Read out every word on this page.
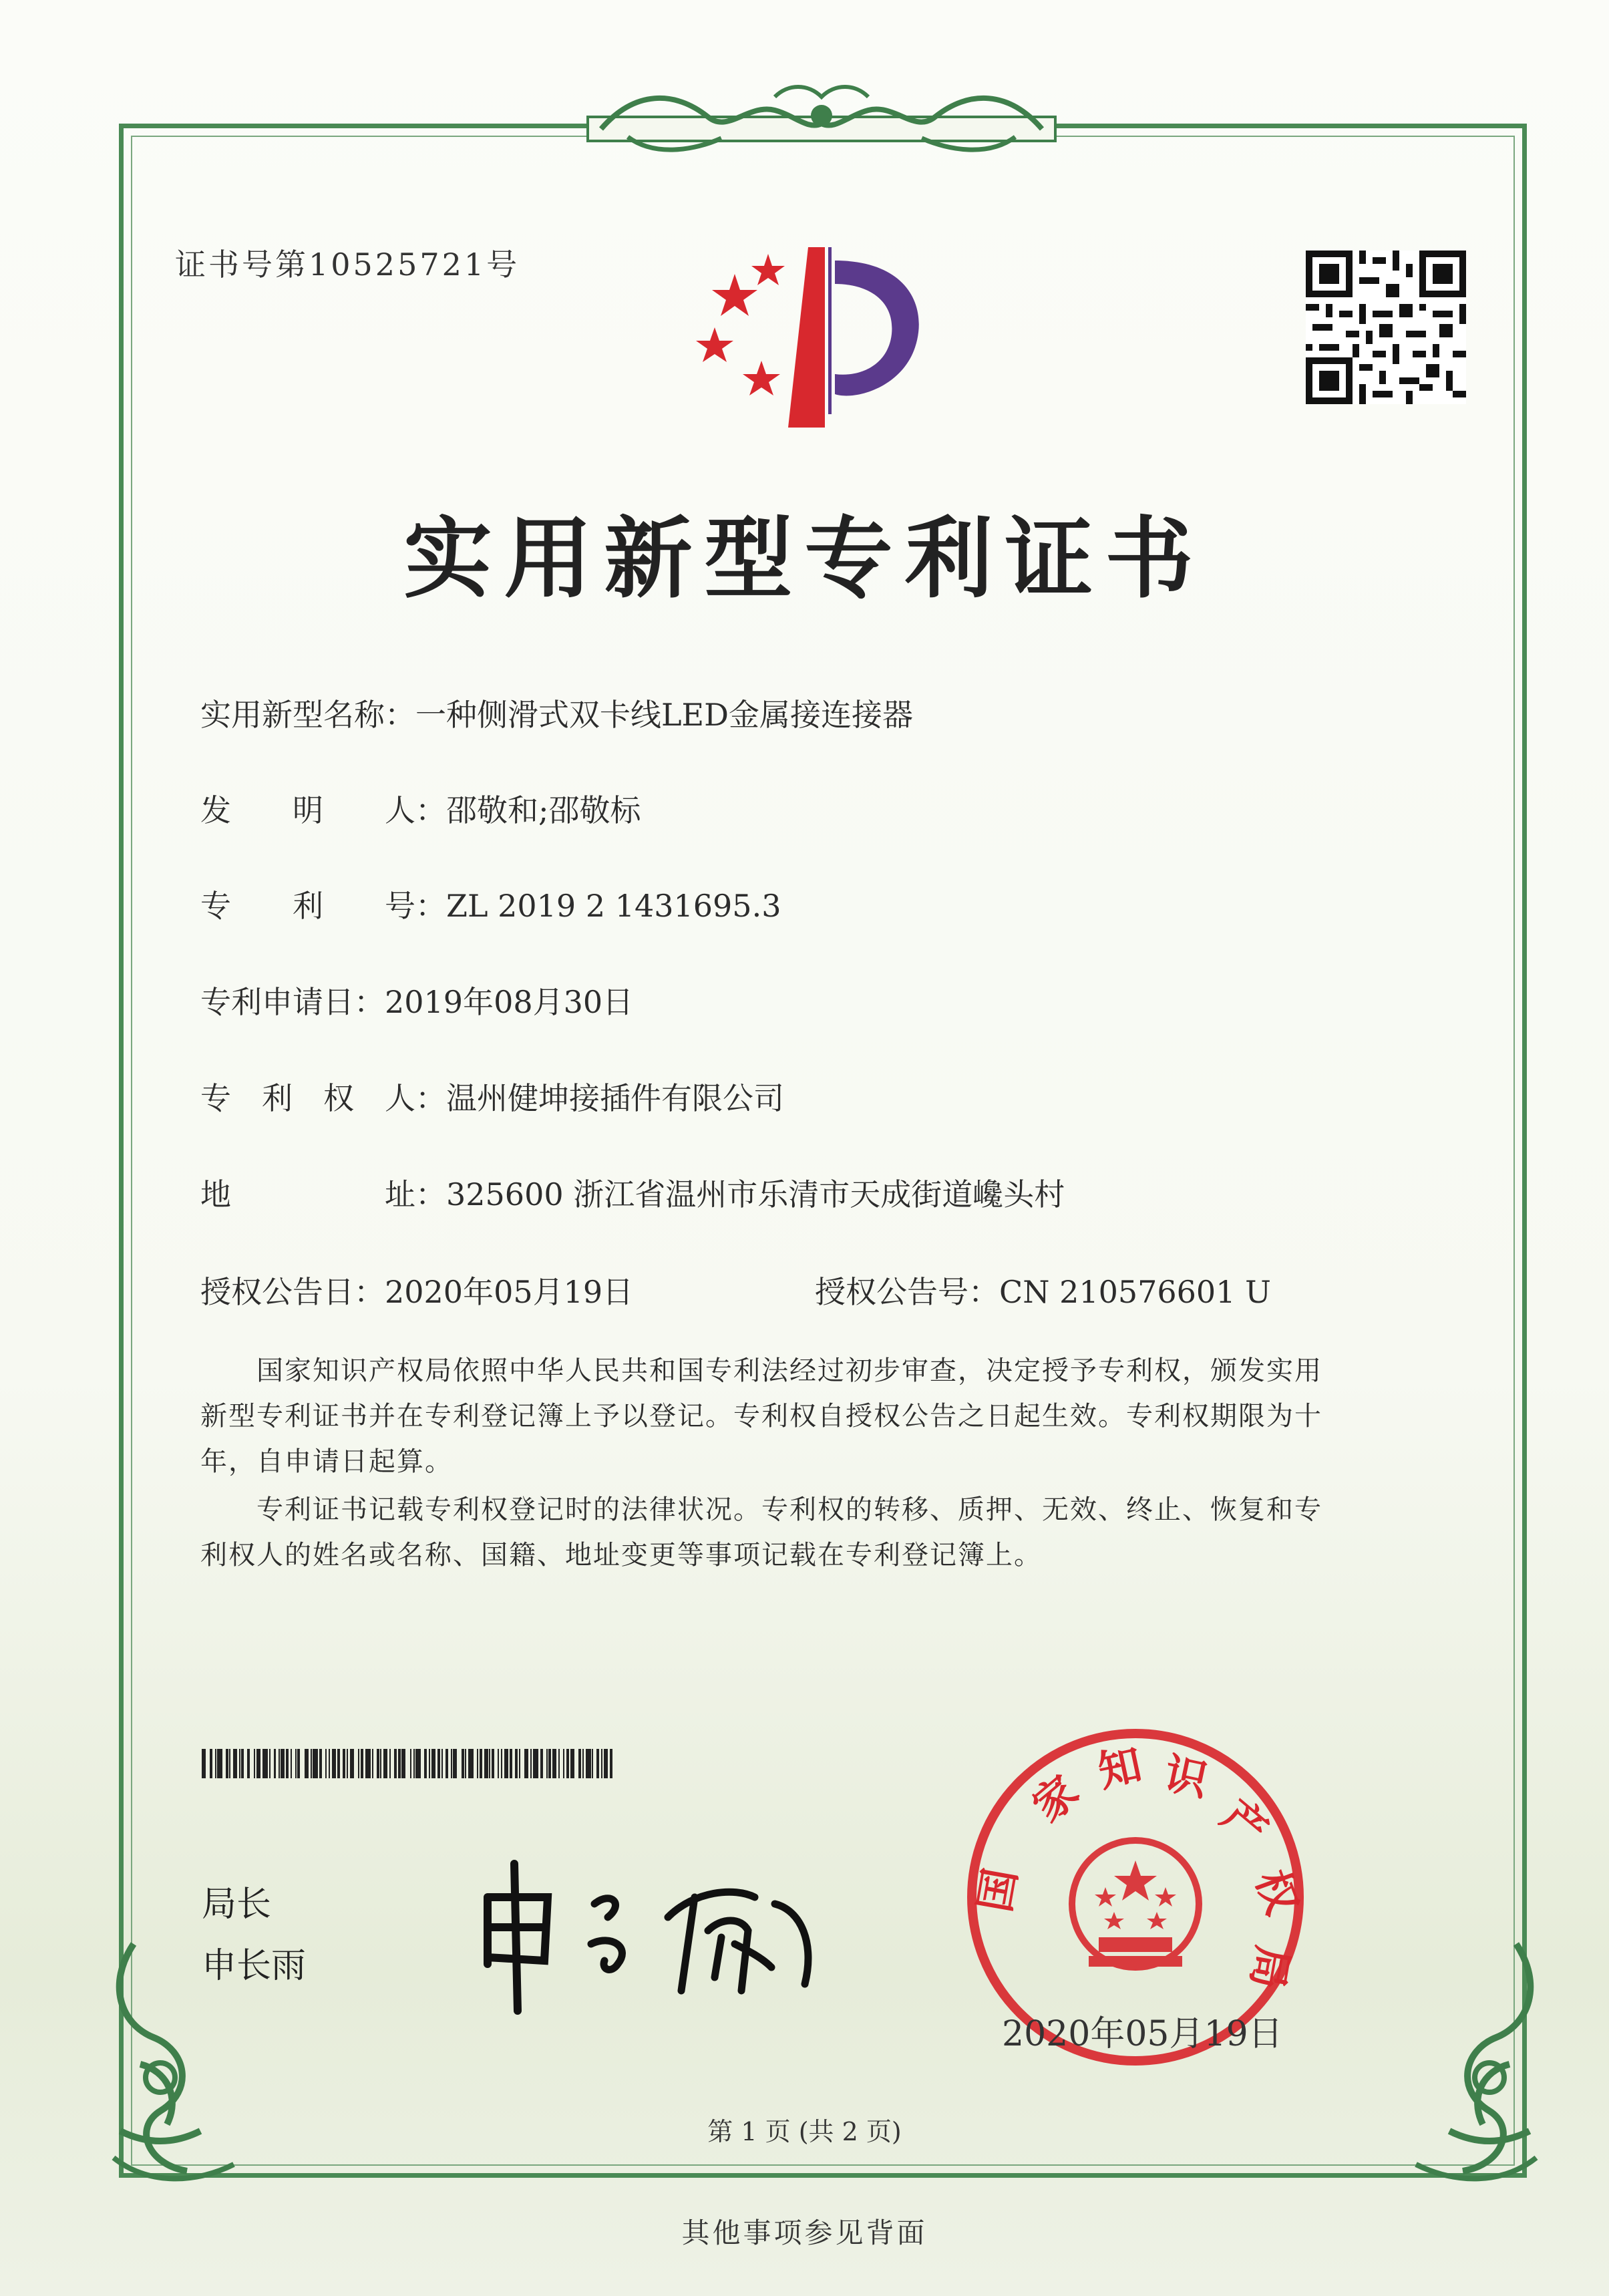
证书号第10525721号
实用新型专利证书
实用新型名称：一种侧滑式双卡线LED金属接连接器
发　　明　　人：邵敬和;邵敬标
专　　利　　号：ZL 2019 2 1431695.3
专利申请日：2019年08月30日
专　利　权　人：温州健坤接插件有限公司
地　　　　　址：325600 浙江省温州市乐清市天成街道巉头村
授权公告日：2020年05月19日	授权公告号：CN 210576601 U
　　国家知识产权局依照中华人民共和国专利法经过初步审查，决定授予专利权，颁发实用
新型专利证书并在专利登记簿上予以登记。专利权自授权公告之日起生效。专利权期限为十
年，自申请日起算。
　　专利证书记载专利权登记时的法律状况。专利权的转移、质押、无效、终止、恢复和专
利权人的姓名或名称、国籍、地址变更等事项记载在专利登记簿上。
局长
申长雨
家
国
知 识
产
权
局
2020年05月19日
第 1 页 (共 2 页)
其他事项参见背面
